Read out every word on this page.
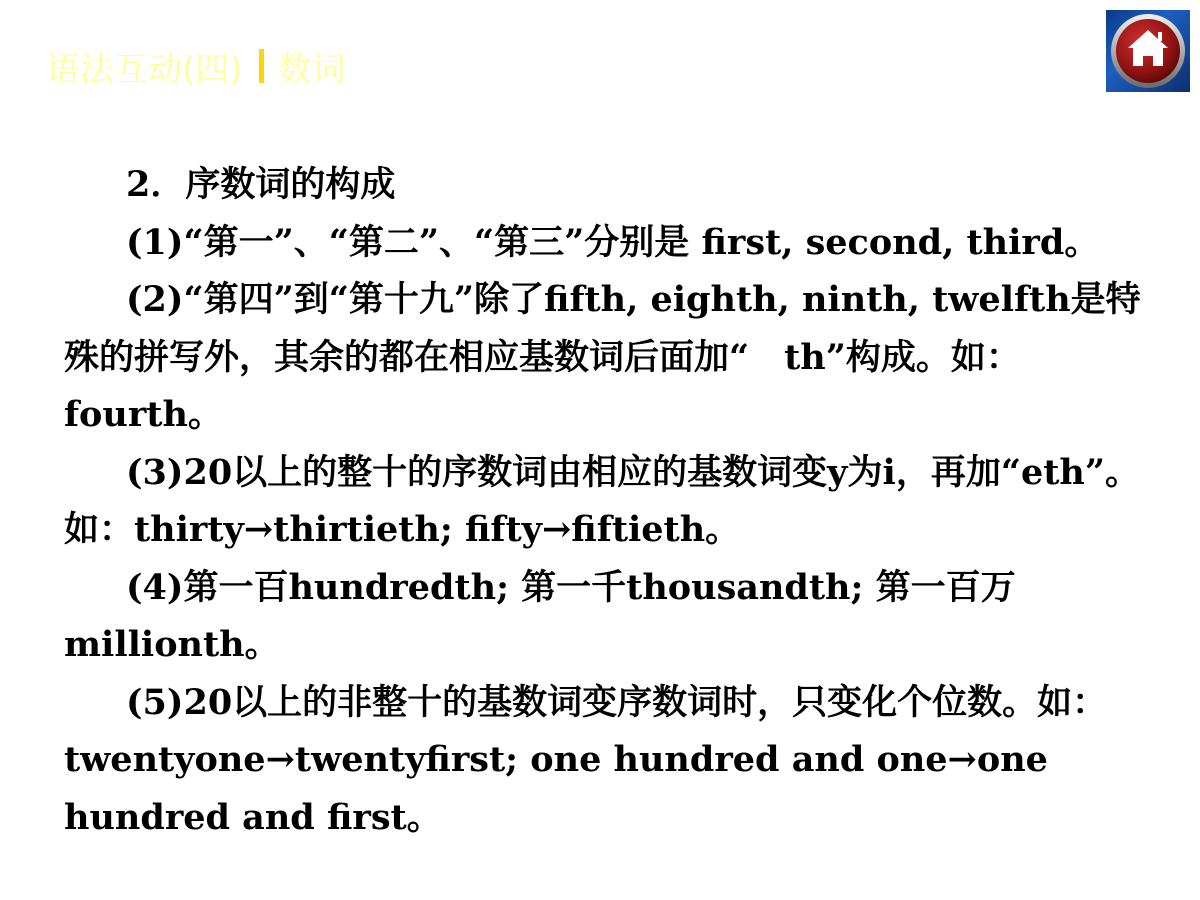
语法互动(四) 数词

2．序数词的构成

(1)“第一”、“第二”、“第三”分别是 first, second, third。

(2)“第四”到“第十九”除了fifth, eighth, ninth, twelfth是特殊的拼写外，其余的都在相应基数词后面加“　th”构成。如：fourth。

(3)20以上的整十的序数词由相应的基数词变y为i，再加“eth”。如：thirty→thirtieth; fifty→fiftieth。

(4)第一百hundredth; 第一千thousandth; 第一百万millionth。

(5)20以上的非整十的基数词变序数词时，只变化个位数。如：twentyone→twentyfirst; one hundred and one→one hundred and first。
